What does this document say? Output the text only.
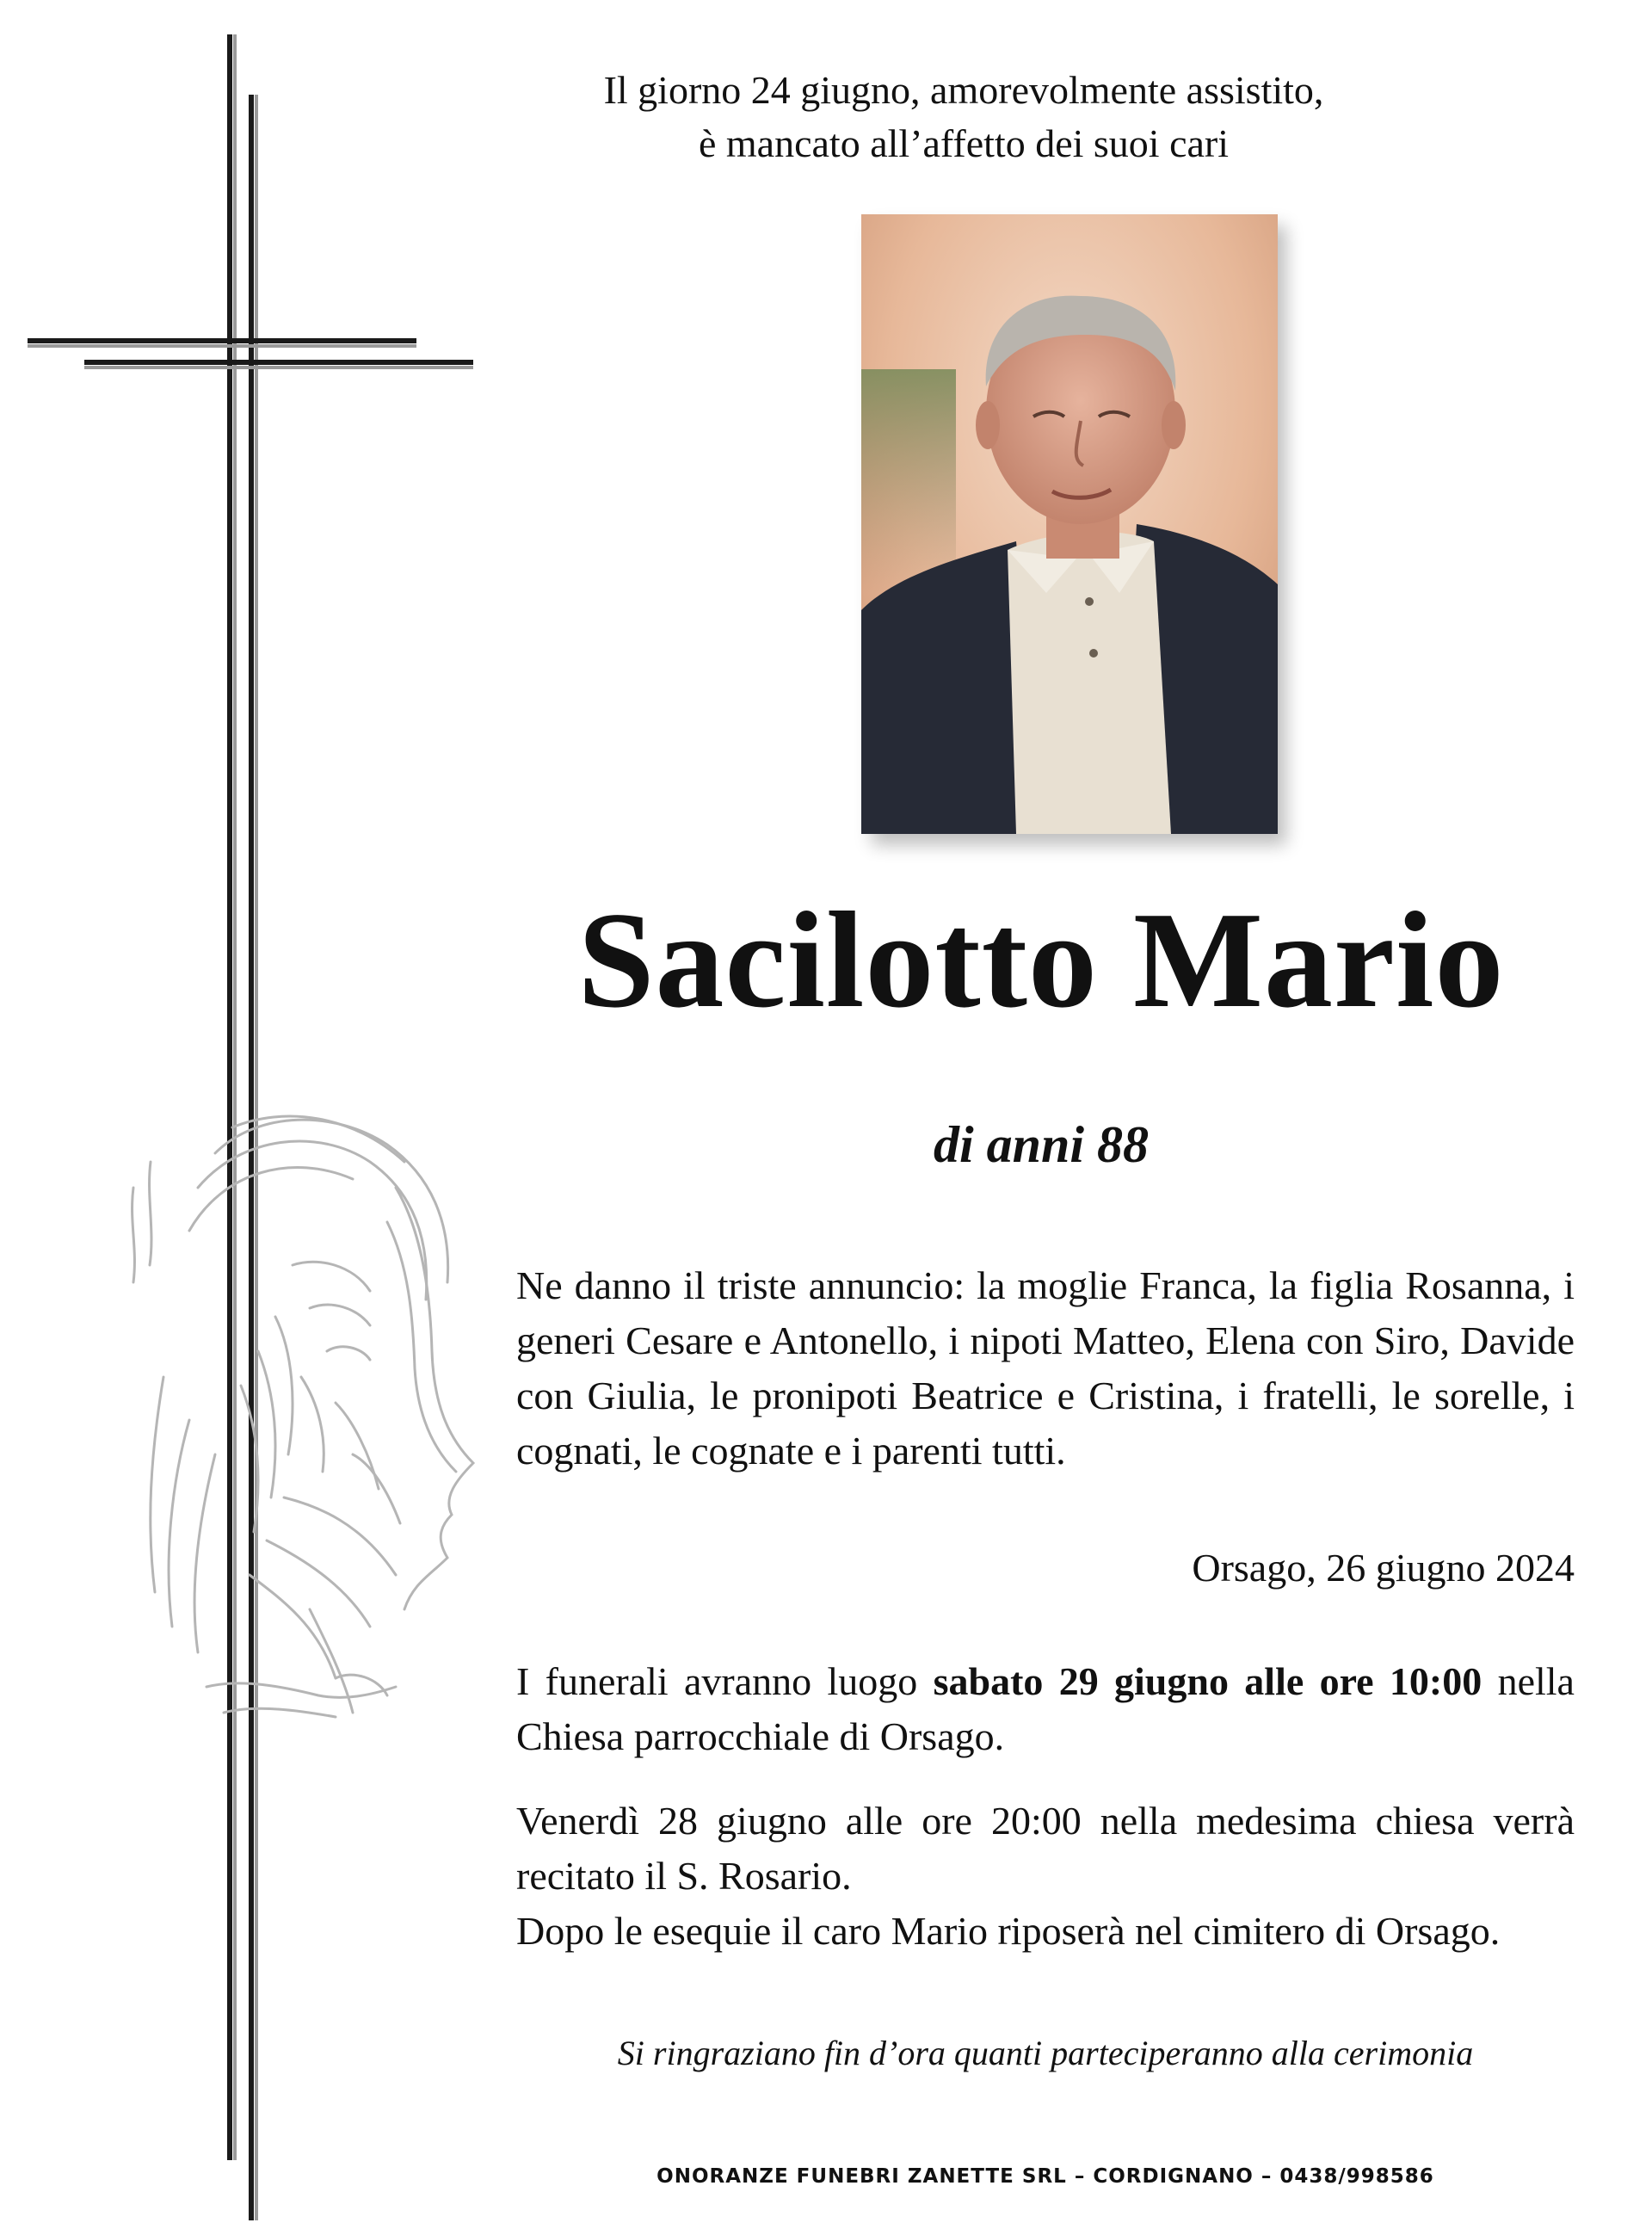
Il giorno 24 giugno, amorevolmente assistito,
è mancato all’affetto dei suoi cari
Sacilotto Mario
di anni 88
Ne danno il triste annuncio: la moglie Franca, la figlia Rosanna, i generi Cesare e Antonello, i nipoti Matteo, Elena con Siro, Davide con Giulia, le pronipoti Beatrice e Cristina, i fratelli, le sorelle, i cognati, le cognate e i parenti tutti.
Orsago, 26 giugno 2024
I funerali avranno luogo sabato 29 giugno alle ore 10:00 nella Chiesa parrocchiale di Orsago.
Venerdì 28 giugno alle ore 20:00 nella medesima chiesa verrà recitato il S. Rosario.
Dopo le esequie il caro Mario riposerà nel cimitero di Orsago.
Si ringraziano fin d’ora quanti parteciperanno alla cerimonia
ONORANZE FUNEBRI ZANETTE SRL – CORDIGNANO – 0438/998586
